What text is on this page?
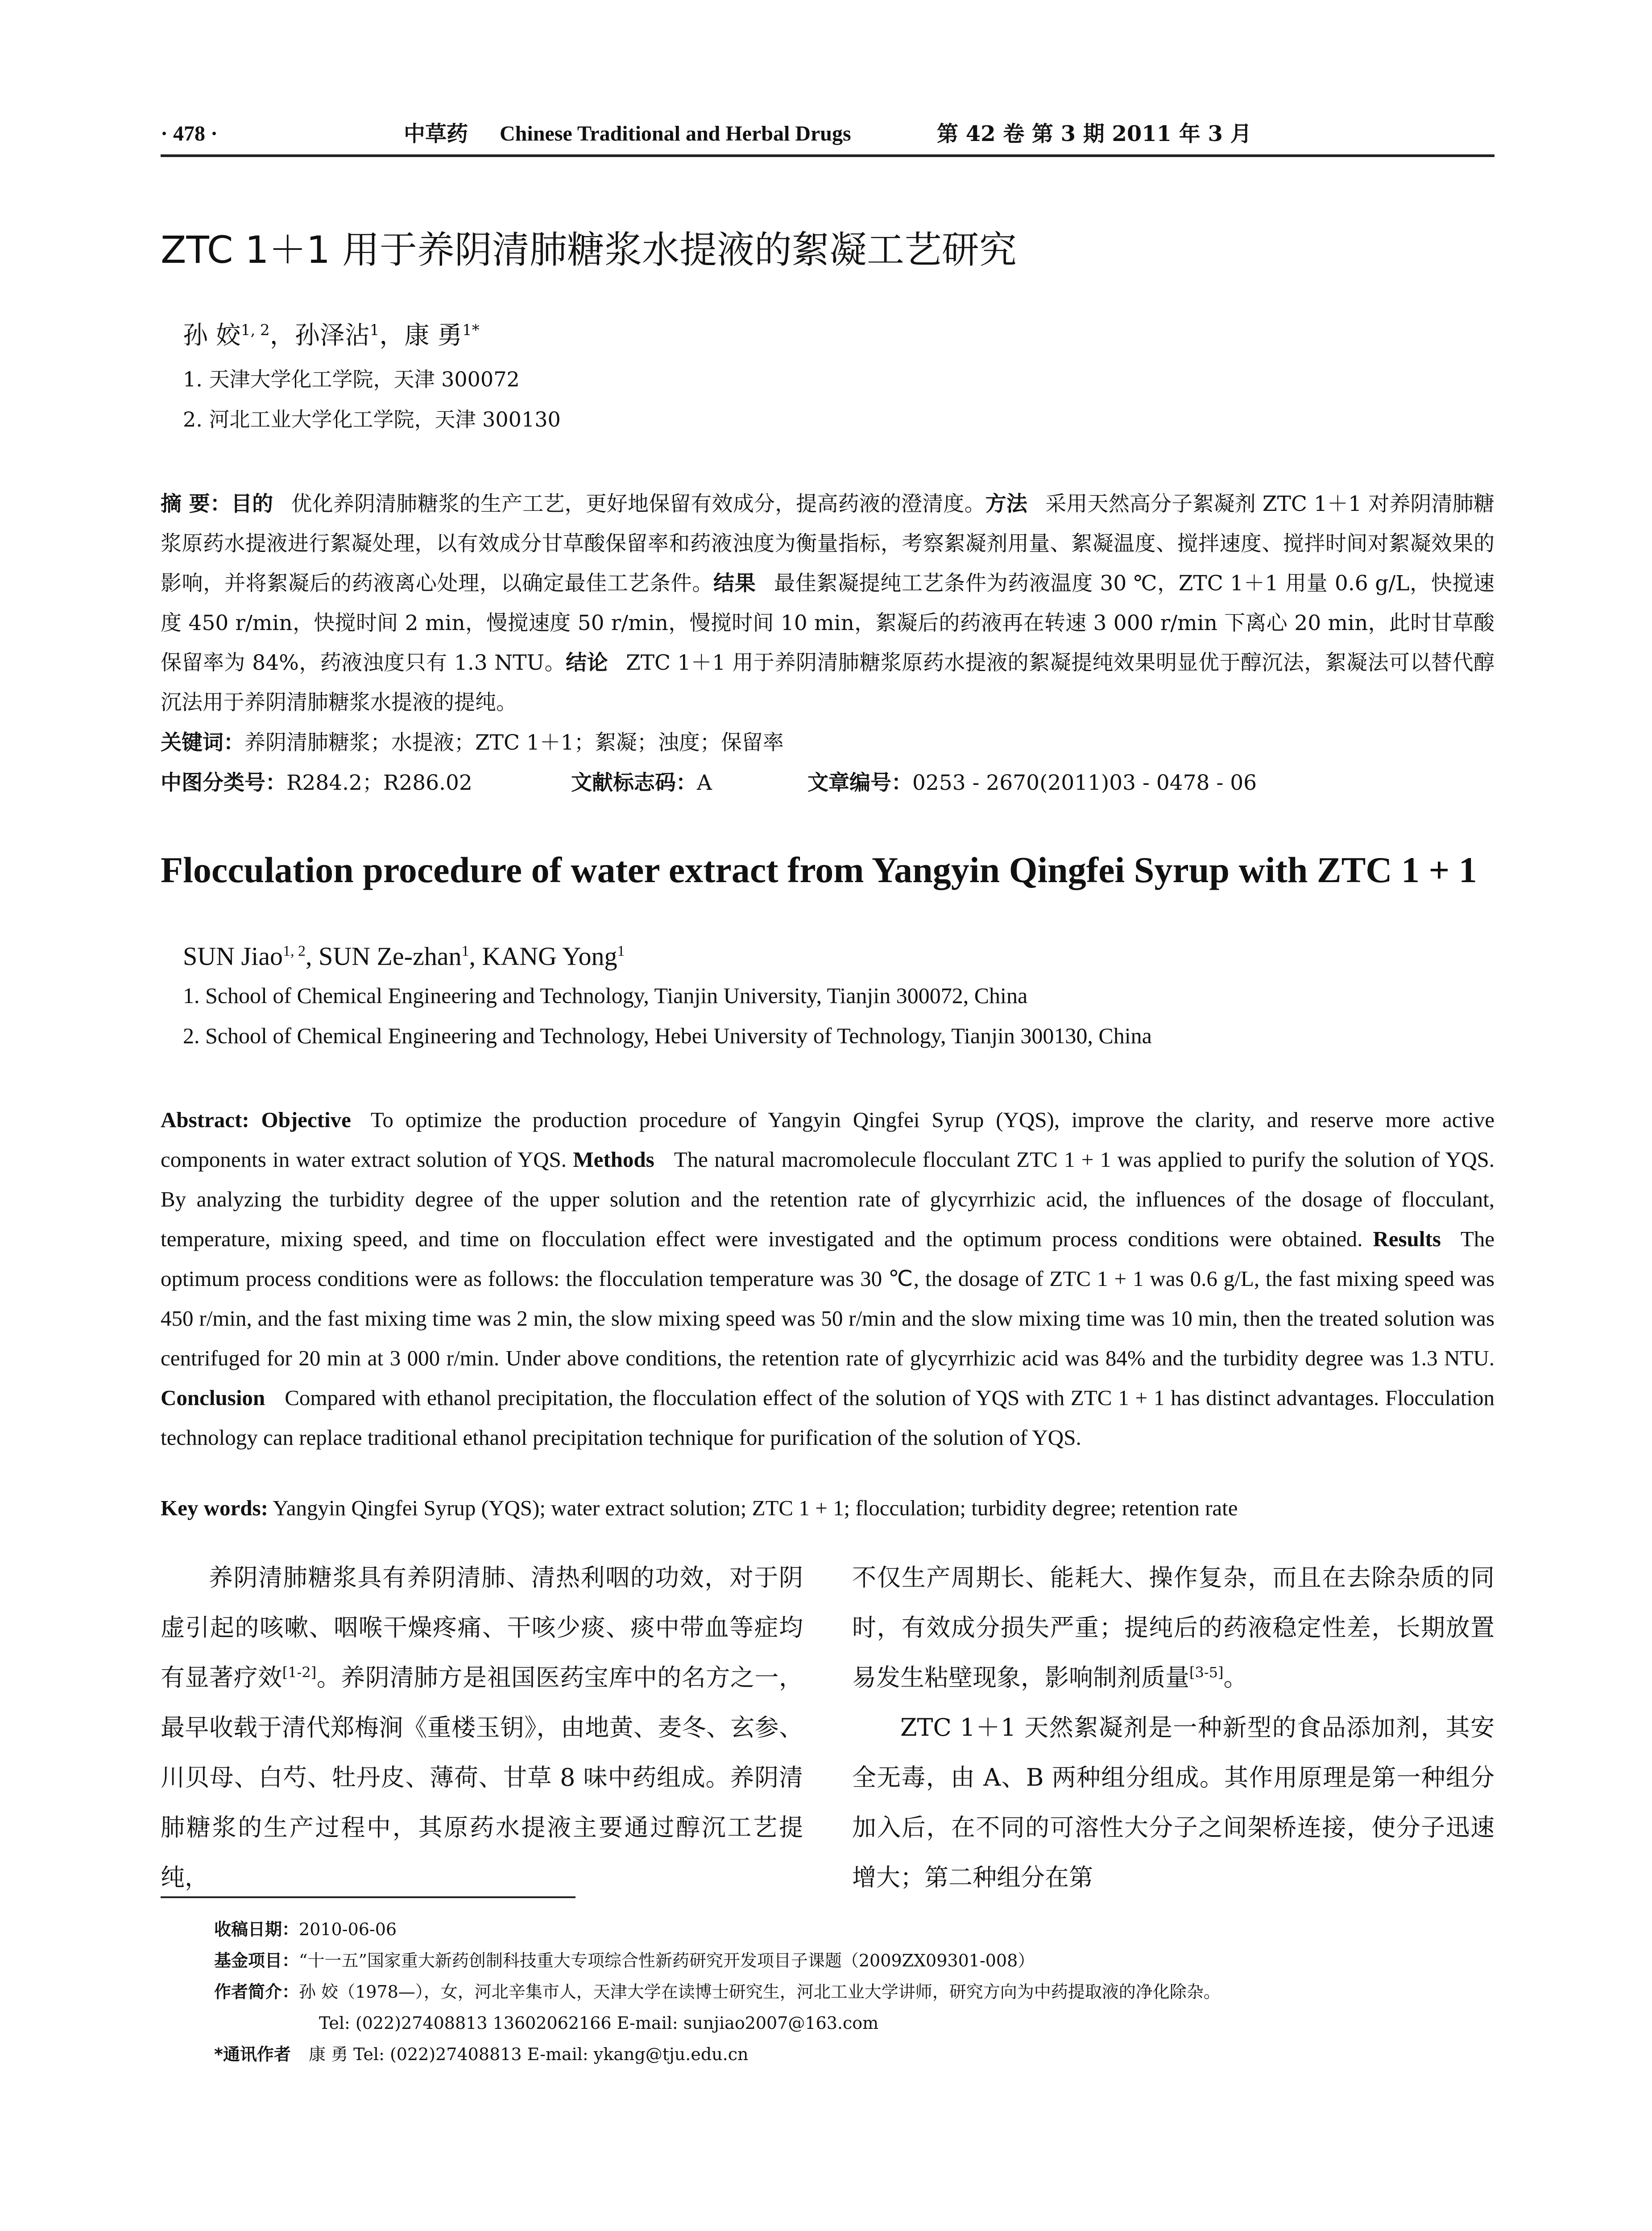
· 478 ·	中草药 Chinese Traditional and Herbal Drugs	第 42 卷 第 3 期 2011 年 3 月
ZTC 1＋1 用于养阴清肺糖浆水提液的絮凝工艺研究
孙 姣$^{1, 2}$，孙泽沾$^1$，康 勇$^{1*}$
1. 天津大学化工学院，天津 300072
2. 河北工业大学化工学院，天津 300130
摘 要：目的 优化养阴清肺糖浆的生产工艺，更好地保留有效成分，提高药液的澄清度。方法 采用天然高分子絮凝剂 ZTC 1＋1 对养阴清肺糖浆原药水提液进行絮凝处理，以有效成分甘草酸保留率和药液浊度为衡量指标，考察絮凝剂用量、絮凝温度、搅拌速度、搅拌时间对絮凝效果的影响，并将絮凝后的药液离心处理，以确定最佳工艺条件。结果 最佳絮凝提纯工艺条件为药液温度 30 ℃，ZTC 1＋1 用量 0.6 g/L，快搅速度 450 r/min，快搅时间 2 min，慢搅速度 50 r/min，慢搅时间 10 min，絮凝后的药液再在转速 3 000 r/min 下离心 20 min，此时甘草酸保留率为 84%，药液浊度只有 1.3 NTU。结论 ZTC 1＋1 用于养阴清肺糖浆原药水提液的絮凝提纯效果明显优于醇沉法，絮凝法可以替代醇沉法用于养阴清肺糖浆水提液的提纯。
关键词：养阴清肺糖浆；水提液；ZTC 1＋1；絮凝；浊度；保留率
中图分类号：R284.2；R286.02	文献标志码：A	文章编号：0253 - 2670(2011)03 - 0478 - 06
Flocculation procedure of water extract from Yangyin Qingfei Syrup with ZTC 1 + 1
SUN Jiao$^{1, 2}$, SUN Ze-zhan$^1$, KANG Yong$^1$
1. School of Chemical Engineering and Technology, Tianjin University, Tianjin 300072, China
2. School of Chemical Engineering and Technology, Hebei University of Technology, Tianjin 300130, China
Abstract: Objective To optimize the production procedure of Yangyin Qingfei Syrup (YQS), improve the clarity, and reserve more active components in water extract solution of YQS. Methods The natural macromolecule flocculant ZTC 1 + 1 was applied to purify the solution of YQS. By analyzing the turbidity degree of the upper solution and the retention rate of glycyrrhizic acid, the influences of the dosage of flocculant, temperature, mixing speed, and time on flocculation effect were investigated and the optimum process conditions were obtained. Results The optimum process conditions were as follows: the flocculation temperature was 30 ℃, the dosage of ZTC 1 + 1 was 0.6 g/L, the fast mixing speed was 450 r/min, and the fast mixing time was 2 min, the slow mixing speed was 50 r/min and the slow mixing time was 10 min, then the treated solution was centrifuged for 20 min at 3 000 r/min. Under above conditions, the retention rate of glycyrrhizic acid was 84% and the turbidity degree was 1.3 NTU. Conclusion Compared with ethanol precipitation, the flocculation effect of the solution of YQS with ZTC 1 + 1 has distinct advantages. Flocculation technology can replace traditional ethanol precipitation technique for purification of the solution of YQS.
Key words: Yangyin Qingfei Syrup (YQS); water extract solution; ZTC 1 + 1; flocculation; turbidity degree; retention rate

养阴清肺糖浆具有养阴清肺、清热利咽的功效，对于阴虚引起的咳嗽、咽喉干燥疼痛、干咳少痰、痰中带血等症均有显著疗效[1-2]。养阴清肺方是祖国医药宝库中的名方之一，最早收载于清代郑梅涧《重楼玉钥》，由地黄、麦冬、玄参、川贝母、白芍、牡丹皮、薄荷、甘草 8 味中药组成。养阴清肺糖浆的生产过程中，其原药水提液主要通过醇沉工艺提纯，

不仅生产周期长、能耗大、操作复杂，而且在去除杂质的同时，有效成分损失严重；提纯后的药液稳定性差，长期放置易发生粘壁现象，影响制剂质量[3-5]。

ZTC 1＋1 天然絮凝剂是一种新型的食品添加剂，其安全无毒，由 A、B 两种组分组成。其作用原理是第一种组分加入后，在不同的可溶性大分子之间架桥连接，使分子迅速增大；第二种组分在第

收稿日期：2010-06-06
基金项目：“十一五”国家重大新药创制科技重大专项综合性新药研究开发项目子课题（2009ZX09301-008）
作者简介：孙 姣（1978—），女，河北辛集市人，天津大学在读博士研究生，河北工业大学讲师，研究方向为中药提取液的净化除杂。
Tel: (022)27408813 13602062166 E-mail: sunjiao2007@163.com
*通讯作者 康 勇 Tel: (022)27408813 E-mail: ykang@tju.edu.cn
